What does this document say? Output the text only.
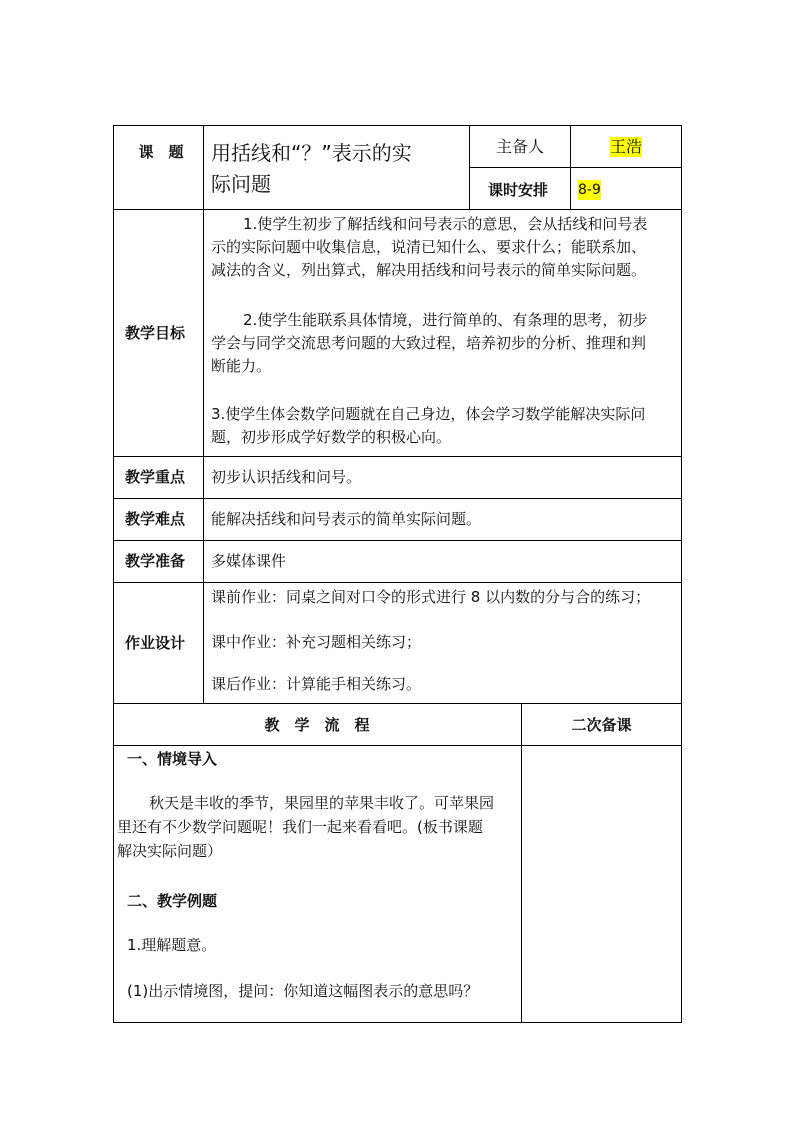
课　题	用括线和“？”表示的实
际问题
主备人	王浩
课时安排 8-9
教学目标
1.使学生初步了解括线和问号表示的意思，会从括线和问号表
示的实际问题中收集信息，说清已知什么、要求什么；能联系加、
减法的含义，列出算式，解决用括线和问号表示的简单实际问题。
2.使学生能联系具体情境，进行简单的、有条理的思考，初步
学会与同学交流思考问题的大致过程，培养初步的分析、推理和判
断能力。
3.使学生体会数学问题就在自己身边，体会学习数学能解决实际问
题，初步形成学好数学的积极心向。
教学重点 初步认识括线和问号。
教学难点 能解决括线和问号表示的简单实际问题。
教学准备 多媒体课件
作业设计
课前作业：同桌之间对口令的形式进行 8 以内数的分与合的练习；
课中作业：补充习题相关练习；
课后作业：计算能手相关练习。
教　学　流　程	二次备课
一、情境导入
秋天是丰收的季节，果园里的苹果丰收了。可苹果园
里还有不少数学问题呢！我们一起来看看吧。(板书课题
解决实际问题）
二、教学例题
1.理解题意。
(1)出示情境图，提问：你知道这幅图表示的意思吗？
